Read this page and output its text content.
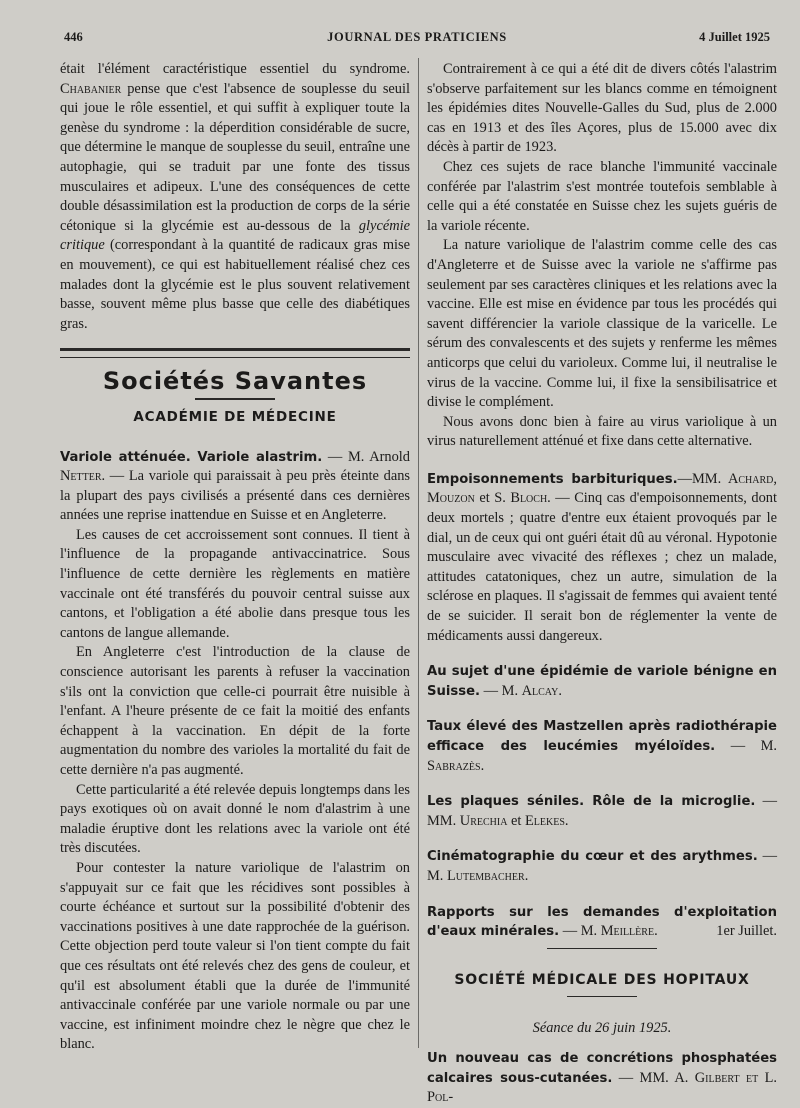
446	JOURNAL DES PRATICIENS	4 Juillet 1925

était l'élément caractéristique essentiel du syndrome. Chabanier pense que c'est l'absence de souplesse du seuil qui joue le rôle essentiel, et qui suffit à expliquer toute la genèse du syndrome : la déperdition considérable de sucre, que détermine le manque de souplesse du seuil, entraîne une autophagie, qui se traduit par une fonte des tissus musculaires et adipeux. L'une des conséquences de cette double désassimilation est la production de corps de la série cétonique si la glycémie est au-dessous de la glycémie critique (correspondant à la quantité de radicaux gras mise en mouvement), ce qui est habituellement réalisé chez ces malades dont la glycémie est le plus souvent relativement basse, souvent même plus basse que celle des diabétiques gras.

Sociétés Savantes
ACADÉMIE DE MÉDECINE

Variole atténuée. Variole alastrim. — M. Arnold Netter. — La variole qui paraissait à peu près éteinte dans la plupart des pays civilisés a présenté dans ces dernières années une reprise inattendue en Suisse et en Angleterre.

Les causes de cet accroissement sont connues. Il tient à l'influence de la propagande antivaccinatrice. Sous l'influence de cette dernière les règlements en matière vaccinale ont été transférés du pouvoir central suisse aux cantons, et l'obligation a été abolie dans presque tous les cantons de langue allemande.

En Angleterre c'est l'introduction de la clause de conscience autorisant les parents à refuser la vaccination s'ils ont la conviction que celle-ci pourrait être nuisible à l'enfant. A l'heure présente de ce fait la moitié des enfants échappent à la vaccination. En dépit de la forte augmentation du nombre des varioles la mortalité du fait de cette dernière n'a pas augmenté.

Cette particularité a été relevée depuis longtemps dans les pays exotiques où on avait donné le nom d'alastrim à une maladie éruptive dont les relations avec la variole ont été très discutées.

Pour contester la nature variolique de l'alastrim on s'appuyait sur ce fait que les récidives sont possibles à courte échéance et surtout sur la possibilité d'obtenir des vaccinations positives à une date rapprochée de la guérison. Cette objection perd toute valeur si l'on tient compte du fait que ces résultats ont été relevés chez des gens de couleur, et qu'il est absolument établi que la durée de l'immunité antivaccinale conférée par une variole normale ou par une vaccine, est infiniment moindre chez le nègre que chez le blanc.

Contrairement à ce qui a été dit de divers côtés l'alastrim s'observe parfaitement sur les blancs comme en témoignent les épidémies dites Nouvelle-Galles du Sud, plus de 2.000 cas en 1913 et des îles Açores, plus de 15.000 avec dix décès à partir de 1923.

Chez ces sujets de race blanche l'immunité vaccinale conférée par l'alastrim s'est montrée toutefois semblable à celle qui a été constatée en Suisse chez les sujets guéris de la variole récente.

La nature variolique de l'alastrim comme celle des cas d'Angleterre et de Suisse avec la variole ne s'affirme pas seulement par ses caractères cliniques et les relations avec la vaccine. Elle est mise en évidence par tous les procédés qui savent différencier la variole classique de la varicelle. Le sérum des convalescents et des sujets y renferme les mêmes anticorps que celui du varioleux. Comme lui, il neutralise le virus de la vaccine. Comme lui, il fixe la sensibilisatrice et divise le complément.

Nous avons donc bien à faire au virus variolique à un virus naturellement atténué et fixe dans cette alternative.

Empoisonnements barbituriques.—MM. Achard, Mouzon et S. Bloch. — Cinq cas d'empoisonnements, dont deux mortels ; quatre d'entre eux étaient provoqués par le dial, un de ceux qui ont guéri était dû au véronal. Hypotonie musculaire avec vivacité des réflexes ; chez un malade, attitudes catatoniques, chez un autre, simulation de la sclérose en plaques. Il s'agissait de femmes qui avaient tenté de se suicider. Il serait bon de réglementer la vente de médicaments aussi dangereux.

Au sujet d'une épidémie de variole bénigne en Suisse. — M. Alcay.

Taux élevé des Mastzellen après radiothérapie efficace des leucémies myéloïdes. — M. Sabrazès.

Les plaques séniles. Rôle de la microglie. — MM. Urechia et Elekes.

Cinématographie du cœur et des arythmes. — M. Lutembacher.

Rapports sur les demandes d'exploitation d'eaux minérales. — M. Meillère.	1er Juillet.

SOCIÉTÉ MÉDICALE DES HOPITAUX

Séance du 26 juin 1925.

Un nouveau cas de concrétions phosphatées calcaires sous-cutanées. — MM. A. Gilbert et L. Pol-
